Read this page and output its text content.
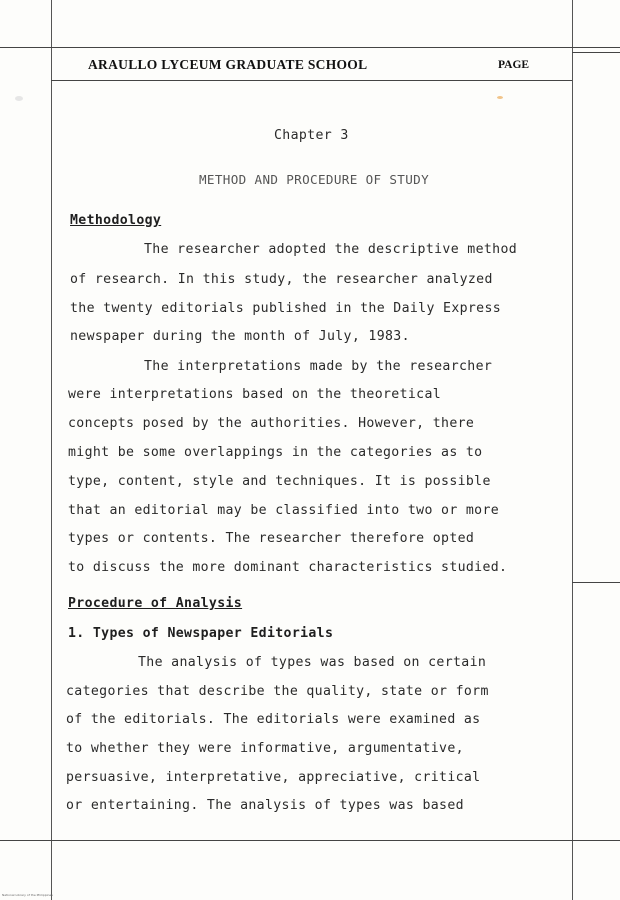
ARAULLO LYCEUM GRADUATE SCHOOL	PAGE
Chapter 3
METHOD AND PROCEDURE OF STUDY
Methodology
The researcher adopted the descriptive method
of research. In this study, the researcher analyzed
the twenty editorials published in the Daily Express
newspaper during the month of July, 1983.
The interpretations made by the researcher
were interpretations based on the theoretical
concepts posed by the authorities. However, there
might be some overlappings in the categories as to
type, content, style and techniques. It is possible
that an editorial may be classified into two or more
types or contents. The researcher therefore opted
to discuss the more dominant characteristics studied.
Procedure of Analysis
1. Types of Newspaper Editorials
The analysis of types was based on certain
categories that describe the quality, state or form
of the editorials. The editorials were examined as
to whether they were informative, argumentative,
persuasive, interpretative, appreciative, critical
or entertaining. The analysis of types was based
National Library of the Philippines
